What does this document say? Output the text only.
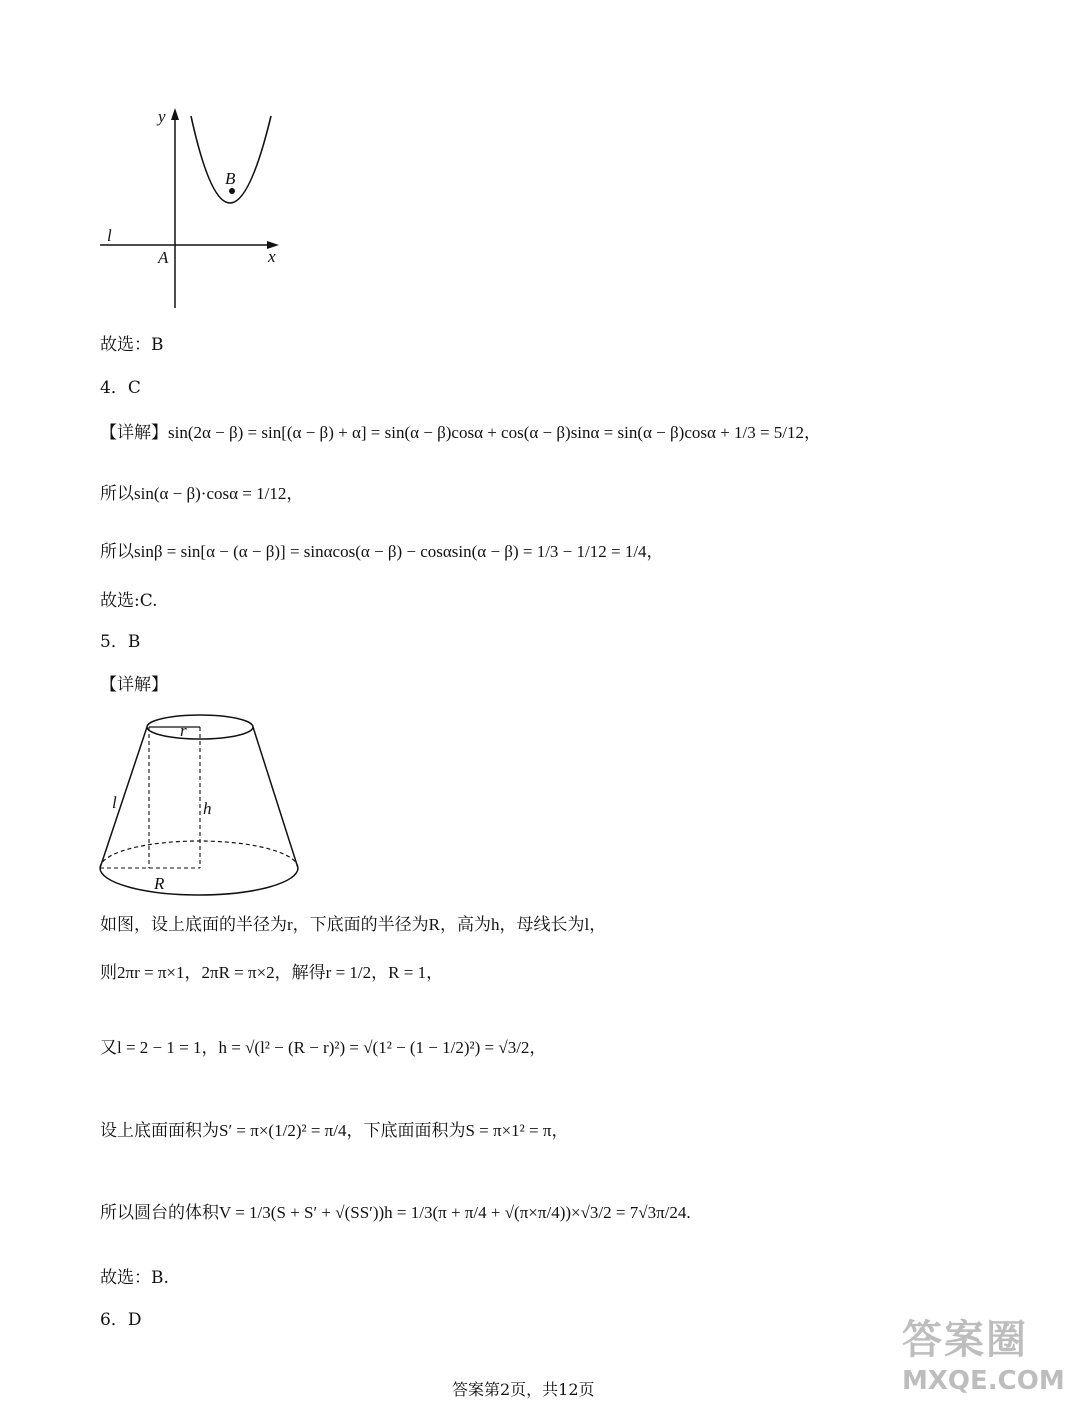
y
x
l
A
B
故选：B
4．C
【详解】sin(2α − β) = sin[(α − β) + α] = sin(α − β)cosα + cos(α − β)sinα = sin(α − β)cosα + 1/3 = 5/12，
所以sin(α − β)·cosα = 1/12，
所以sinβ = sin[α − (α − β)] = sinαcos(α − β) − cosαsin(α − β) = 1/3 − 1/12 = 1/4，
故选:C.
5．B
【详解】
r
h
l
R
如图，设上底面的半径为r，下底面的半径为R，高为h，母线长为l，
则2πr = π×1，2πR = π×2，解得r = 1/2，R = 1，
又l = 2 − 1 = 1，h = √(l² − (R − r)²) = √(1² − (1 − 1/2)²) = √3/2，
设上底面面积为S′ = π×(1/2)² = π/4，下底面面积为S = π×1² = π，
所以圆台的体积V = 1/3(S + S′ + √(SS′))h = 1/3(π + π/4 + √(π×π/4))×√3/2 = 7√3π/24.
故选：B.
6．D
答案第2页，共12页
答案圈
MXQE.COM
